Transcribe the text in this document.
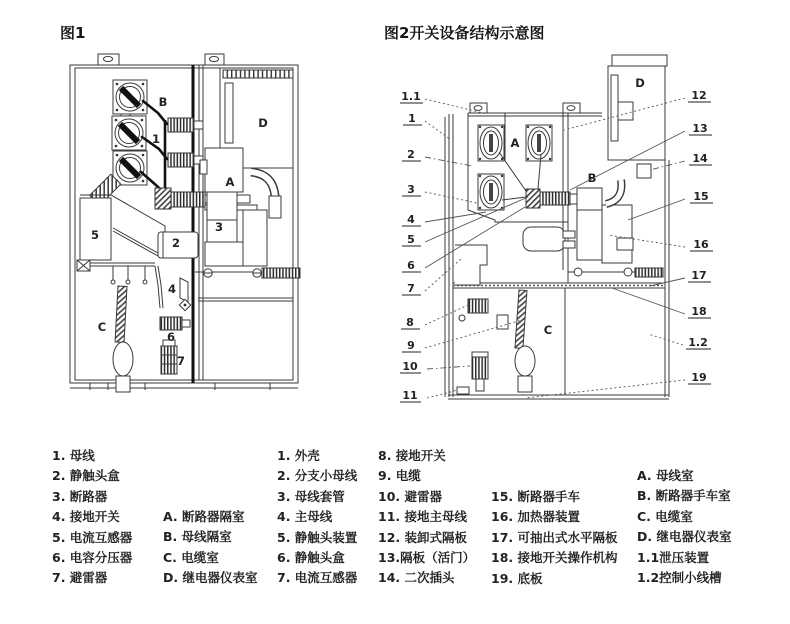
图1	图2开关设备结构示意图
B
1
D
A
3
5
2
4
C
6
7
A
B
C
D
1.1
1
2
3
4
5
6
7
8
9
10
11
12
13
14
15
16
17
18
1.2
19
1. 母线
2. 静触头盒
3. 断路器
4. 接地开关
5. 电流互感器
6. 电容分压器
7. 避雷器
A. 断路器隔室
B. 母线隔室
C. 电缆室
D. 继电器仪表室
1. 外壳
2. 分支小母线
3. 母线套管
4. 主母线
5. 静触头装置
6. 静触头盒
7. 电流互感器
8. 接地开关
9. 电缆
10. 避雷器
11. 接地主母线
12. 装卸式隔板
13.隔板（活门）
14. 二次插头
15. 断路器手车
16. 加热器装置
17. 可抽出式水平隔板
18. 接地开关操作机构
19. 底板
A. 母线室
B. 断路器手车室
C. 电缆室
D. 继电器仪表室
1.1泄压装置
1.2控制小线槽
